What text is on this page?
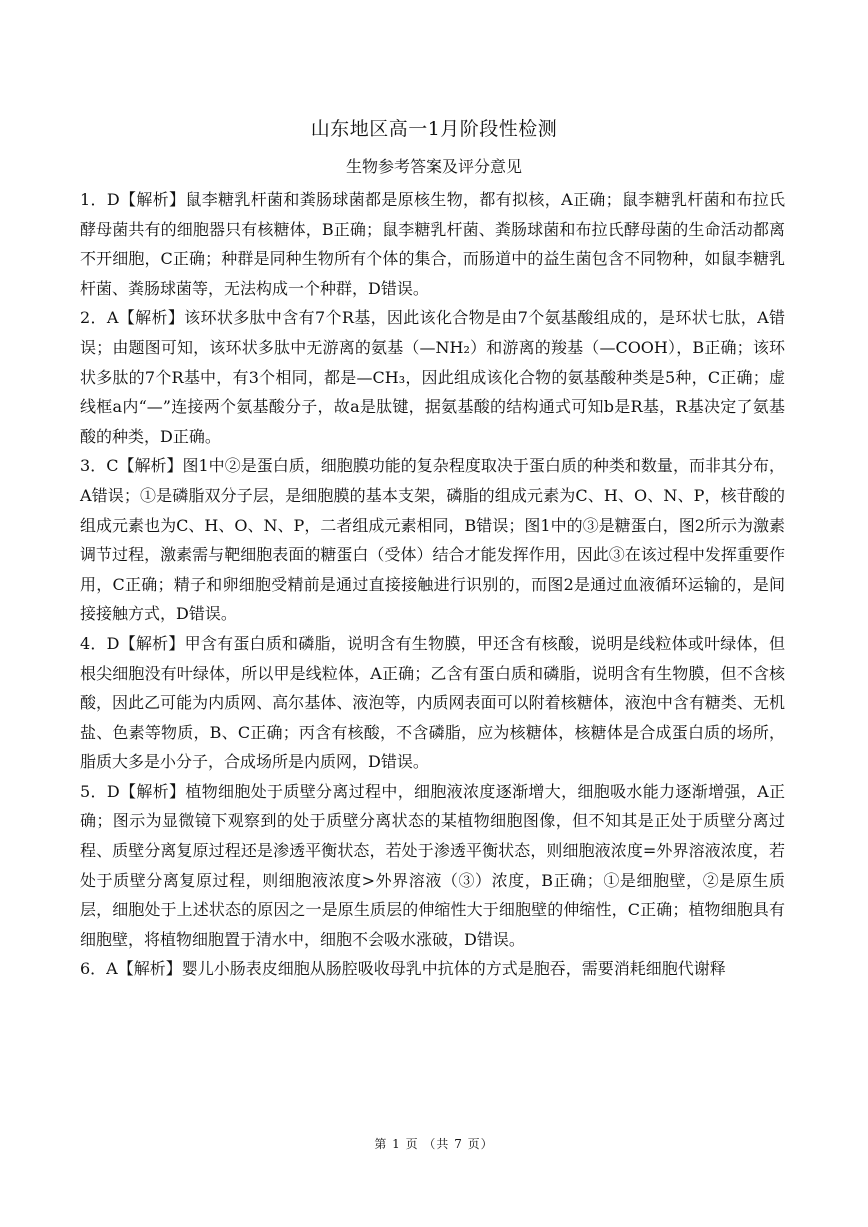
山东地区高一1月阶段性检测
生物参考答案及评分意见

1．D【解析】鼠李糖乳杆菌和粪肠球菌都是原核生物，都有拟核，A正确；鼠李糖乳杆菌和布拉氏酵母菌共有的细胞器只有核糖体，B正确；鼠李糖乳杆菌、粪肠球菌和布拉氏酵母菌的生命活动都离不开细胞，C正确；种群是同种生物所有个体的集合，而肠道中的益生菌包含不同物种，如鼠李糖乳杆菌、粪肠球菌等，无法构成一个种群，D错误。

2．A【解析】该环状多肽中含有7个R基，因此该化合物是由7个氨基酸组成的，是环状七肽，A错误；由题图可知，该环状多肽中无游离的氨基（—NH₂）和游离的羧基（—COOH），B正确；该环状多肽的7个R基中，有3个相同，都是—CH₃，因此组成该化合物的氨基酸种类是5种，C正确；虚线框a内“—”连接两个氨基酸分子，故a是肽键，据氨基酸的结构通式可知b是R基，R基决定了氨基酸的种类，D正确。

3．C【解析】图1中②是蛋白质，细胞膜功能的复杂程度取决于蛋白质的种类和数量，而非其分布，A错误；①是磷脂双分子层，是细胞膜的基本支架，磷脂的组成元素为C、H、O、N、P，核苷酸的组成元素也为C、H、O、N、P，二者组成元素相同，B错误；图1中的③是糖蛋白，图2所示为激素调节过程，激素需与靶细胞表面的糖蛋白（受体）结合才能发挥作用，因此③在该过程中发挥重要作用，C正确；精子和卵细胞受精前是通过直接接触进行识别的，而图2是通过血液循环运输的，是间接接触方式，D错误。

4．D【解析】甲含有蛋白质和磷脂，说明含有生物膜，甲还含有核酸，说明是线粒体或叶绿体，但根尖细胞没有叶绿体，所以甲是线粒体，A正确；乙含有蛋白质和磷脂，说明含有生物膜，但不含核酸，因此乙可能为内质网、高尔基体、液泡等，内质网表面可以附着核糖体，液泡中含有糖类、无机盐、色素等物质，B、C正确；丙含有核酸，不含磷脂，应为核糖体，核糖体是合成蛋白质的场所，脂质大多是小分子，合成场所是内质网，D错误。

5．D【解析】植物细胞处于质壁分离过程中，细胞液浓度逐渐增大，细胞吸水能力逐渐增强，A正确；图示为显微镜下观察到的处于质壁分离状态的某植物细胞图像，但不知其是正处于质壁分离过程、质壁分离复原过程还是渗透平衡状态，若处于渗透平衡状态，则细胞液浓度=外界溶液浓度，若处于质壁分离复原过程，则细胞液浓度>外界溶液（③）浓度，B正确；①是细胞壁，②是原生质层，细胞处于上述状态的原因之一是原生质层的伸缩性大于细胞壁的伸缩性，C正确；植物细胞具有细胞壁，将植物细胞置于清水中，细胞不会吸水涨破，D错误。

6．A【解析】婴儿小肠表皮细胞从肠腔吸收母乳中抗体的方式是胞吞，需要消耗细胞代谢释

第 1 页 （共 7 页）
